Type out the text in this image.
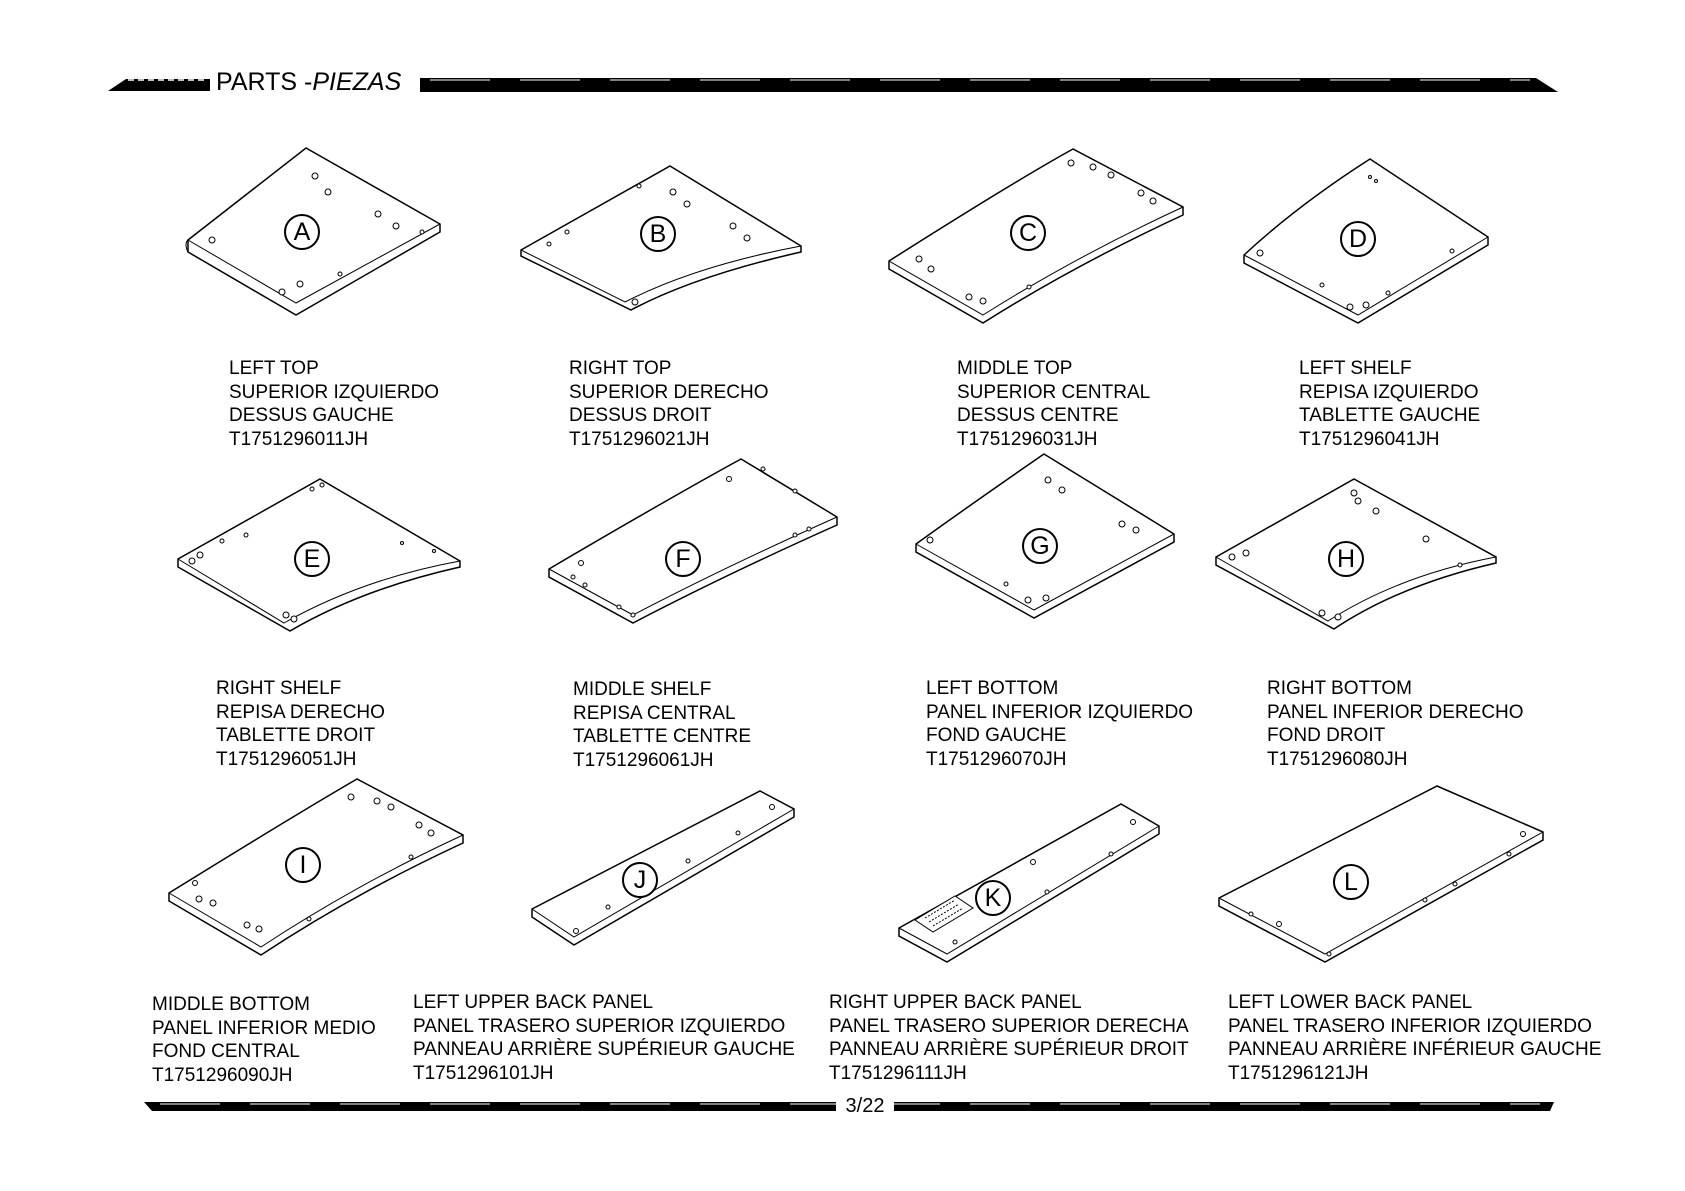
PARTS -PIEZAS
A
LEFT TOP
SUPERIOR IZQUIERDO
DESSUS GAUCHE
T1751296011JH
B
RIGHT TOP
SUPERIOR DERECHO
DESSUS DROIT
T1751296021JH
C
MIDDLE TOP
SUPERIOR CENTRAL
DESSUS CENTRE
T1751296031JH
D
LEFT SHELF
REPISA IZQUIERDO
TABLETTE GAUCHE
T1751296041JH
E
RIGHT SHELF
REPISA DERECHO
TABLETTE DROIT
T1751296051JH
F
MIDDLE SHELF
REPISA CENTRAL
TABLETTE CENTRE
T1751296061JH
G
LEFT BOTTOM
PANEL INFERIOR IZQUIERDO
FOND GAUCHE
T1751296070JH
H
RIGHT BOTTOM
PANEL INFERIOR DERECHO
FOND DROIT
T1751296080JH
I
MIDDLE BOTTOM
PANEL INFERIOR MEDIO
FOND CENTRAL
T1751296090JH
J
LEFT UPPER BACK PANEL
PANEL TRASERO SUPERIOR IZQUIERDO
PANNEAU ARRIÈRE SUPÉRIEUR GAUCHE
T1751296101JH
K
RIGHT UPPER BACK PANEL
PANEL TRASERO SUPERIOR DERECHA
PANNEAU ARRIÈRE SUPÉRIEUR DROIT
T1751296111JH
L
LEFT LOWER BACK PANEL
PANEL TRASERO INFERIOR IZQUIERDO
PANNEAU ARRIÈRE INFÉRIEUR GAUCHE
T1751296121JH
3/22
